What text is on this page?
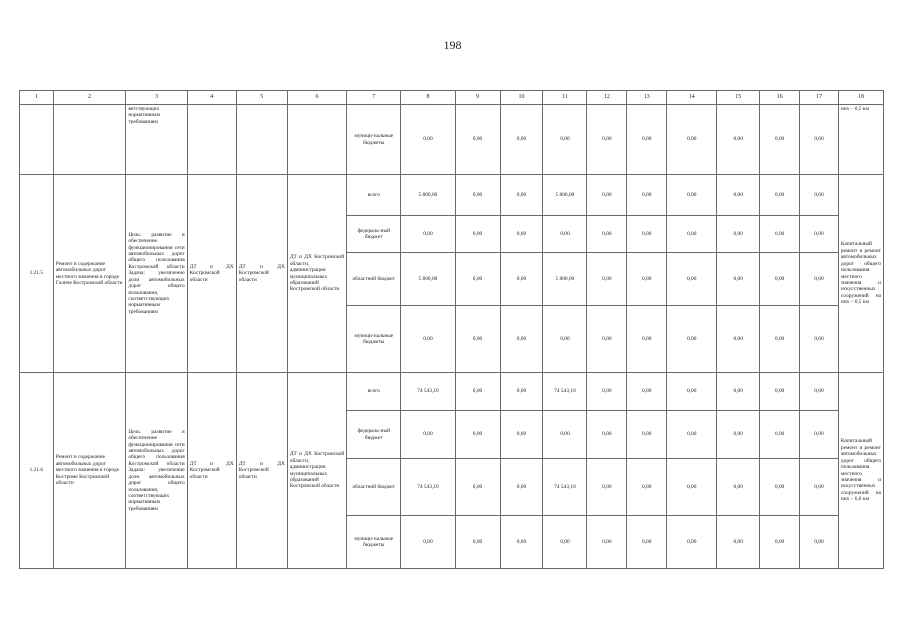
198
1	2	3	4	5	6	7	8	9	10	11	12	13	14	15	16	17	18
		ветствующих нормативным требованиям				муници-пальные бюджеты	0,00	0,00	0,00	0,00	0,00	0,00	0,00	0,00	0,00	0,00	них – 0,5 км
1.21.5	Ремонт и содержание автомобильных дорог местного значения в городе Галиче Костромской области	Цель: развитие и обеспечение функционирования сети автомобильных дорог общего пользования Костромской области Задача: увеличение доли автомобильных дорог общего пользования, соответствующих нормативным требованиям	ДТ и ДХ Костромской области	ДТ и ДХ Костромской области	ДТ и ДХ Костромской области, администрации муниципальных образований Костромской области	всего	5 800,00	0,00	0,00	5 800,00	0,00	0,00	0,00	0,00	0,00	0,00	Капитальный ремонт и ремонт автомобильных дорог общего пользования местного значения и искусственных сооружений на них – 0,5 км
						федераль-ный бюджет	0,00	0,00	0,00	0,00	0,00	0,00	0,00	0,00	0,00	0,00	
						областной бюджет	5 800,00	0,00	0,00	5 800,00	0,00	0,00	0,00	0,00	0,00	0,00	
						муници-пальные бюджеты	0,00	0,00	0,00	0,00	0,00	0,00	0,00	0,00	0,00	0,00	
1.21.6	Ремонт и содержание автомобильных дорог местного значения в городе Костроме Костромской области	Цель: развитие и обеспечение функционирования сети автомобильных дорог общего пользования Костромской области Задача: увеличение доли автомобильных дорог общего пользования, соответствующих нормативным требованиям	ДТ и ДХ Костромской области	ДТ и ДХ Костромской области	ДТ и ДХ Костромской области, администрации муниципальных образований Костромской области	всего	74 543,10	0,00	0,00	74 543,10	0,00	0,00	0,00	0,00	0,00	0,00	Капитальный ремонт и ремонт автомобильных дорог общего пользования местного значения и искусственных сооружений на них – 6,0 км
						федераль-ный бюджет	0,00	0,00	0,00	0,00	0,00	0,00	0,00	0,00	0,00	0,00	
						областной бюджет	74 543,10	0,00	0,00	74 543,10	0,00	0,00	0,00	0,00	0,00	0,00	
						муници-пальные бюджеты	0,00	0,00	0,00	0,00	0,00	0,00	0,00	0,00	0,00	0,00	
